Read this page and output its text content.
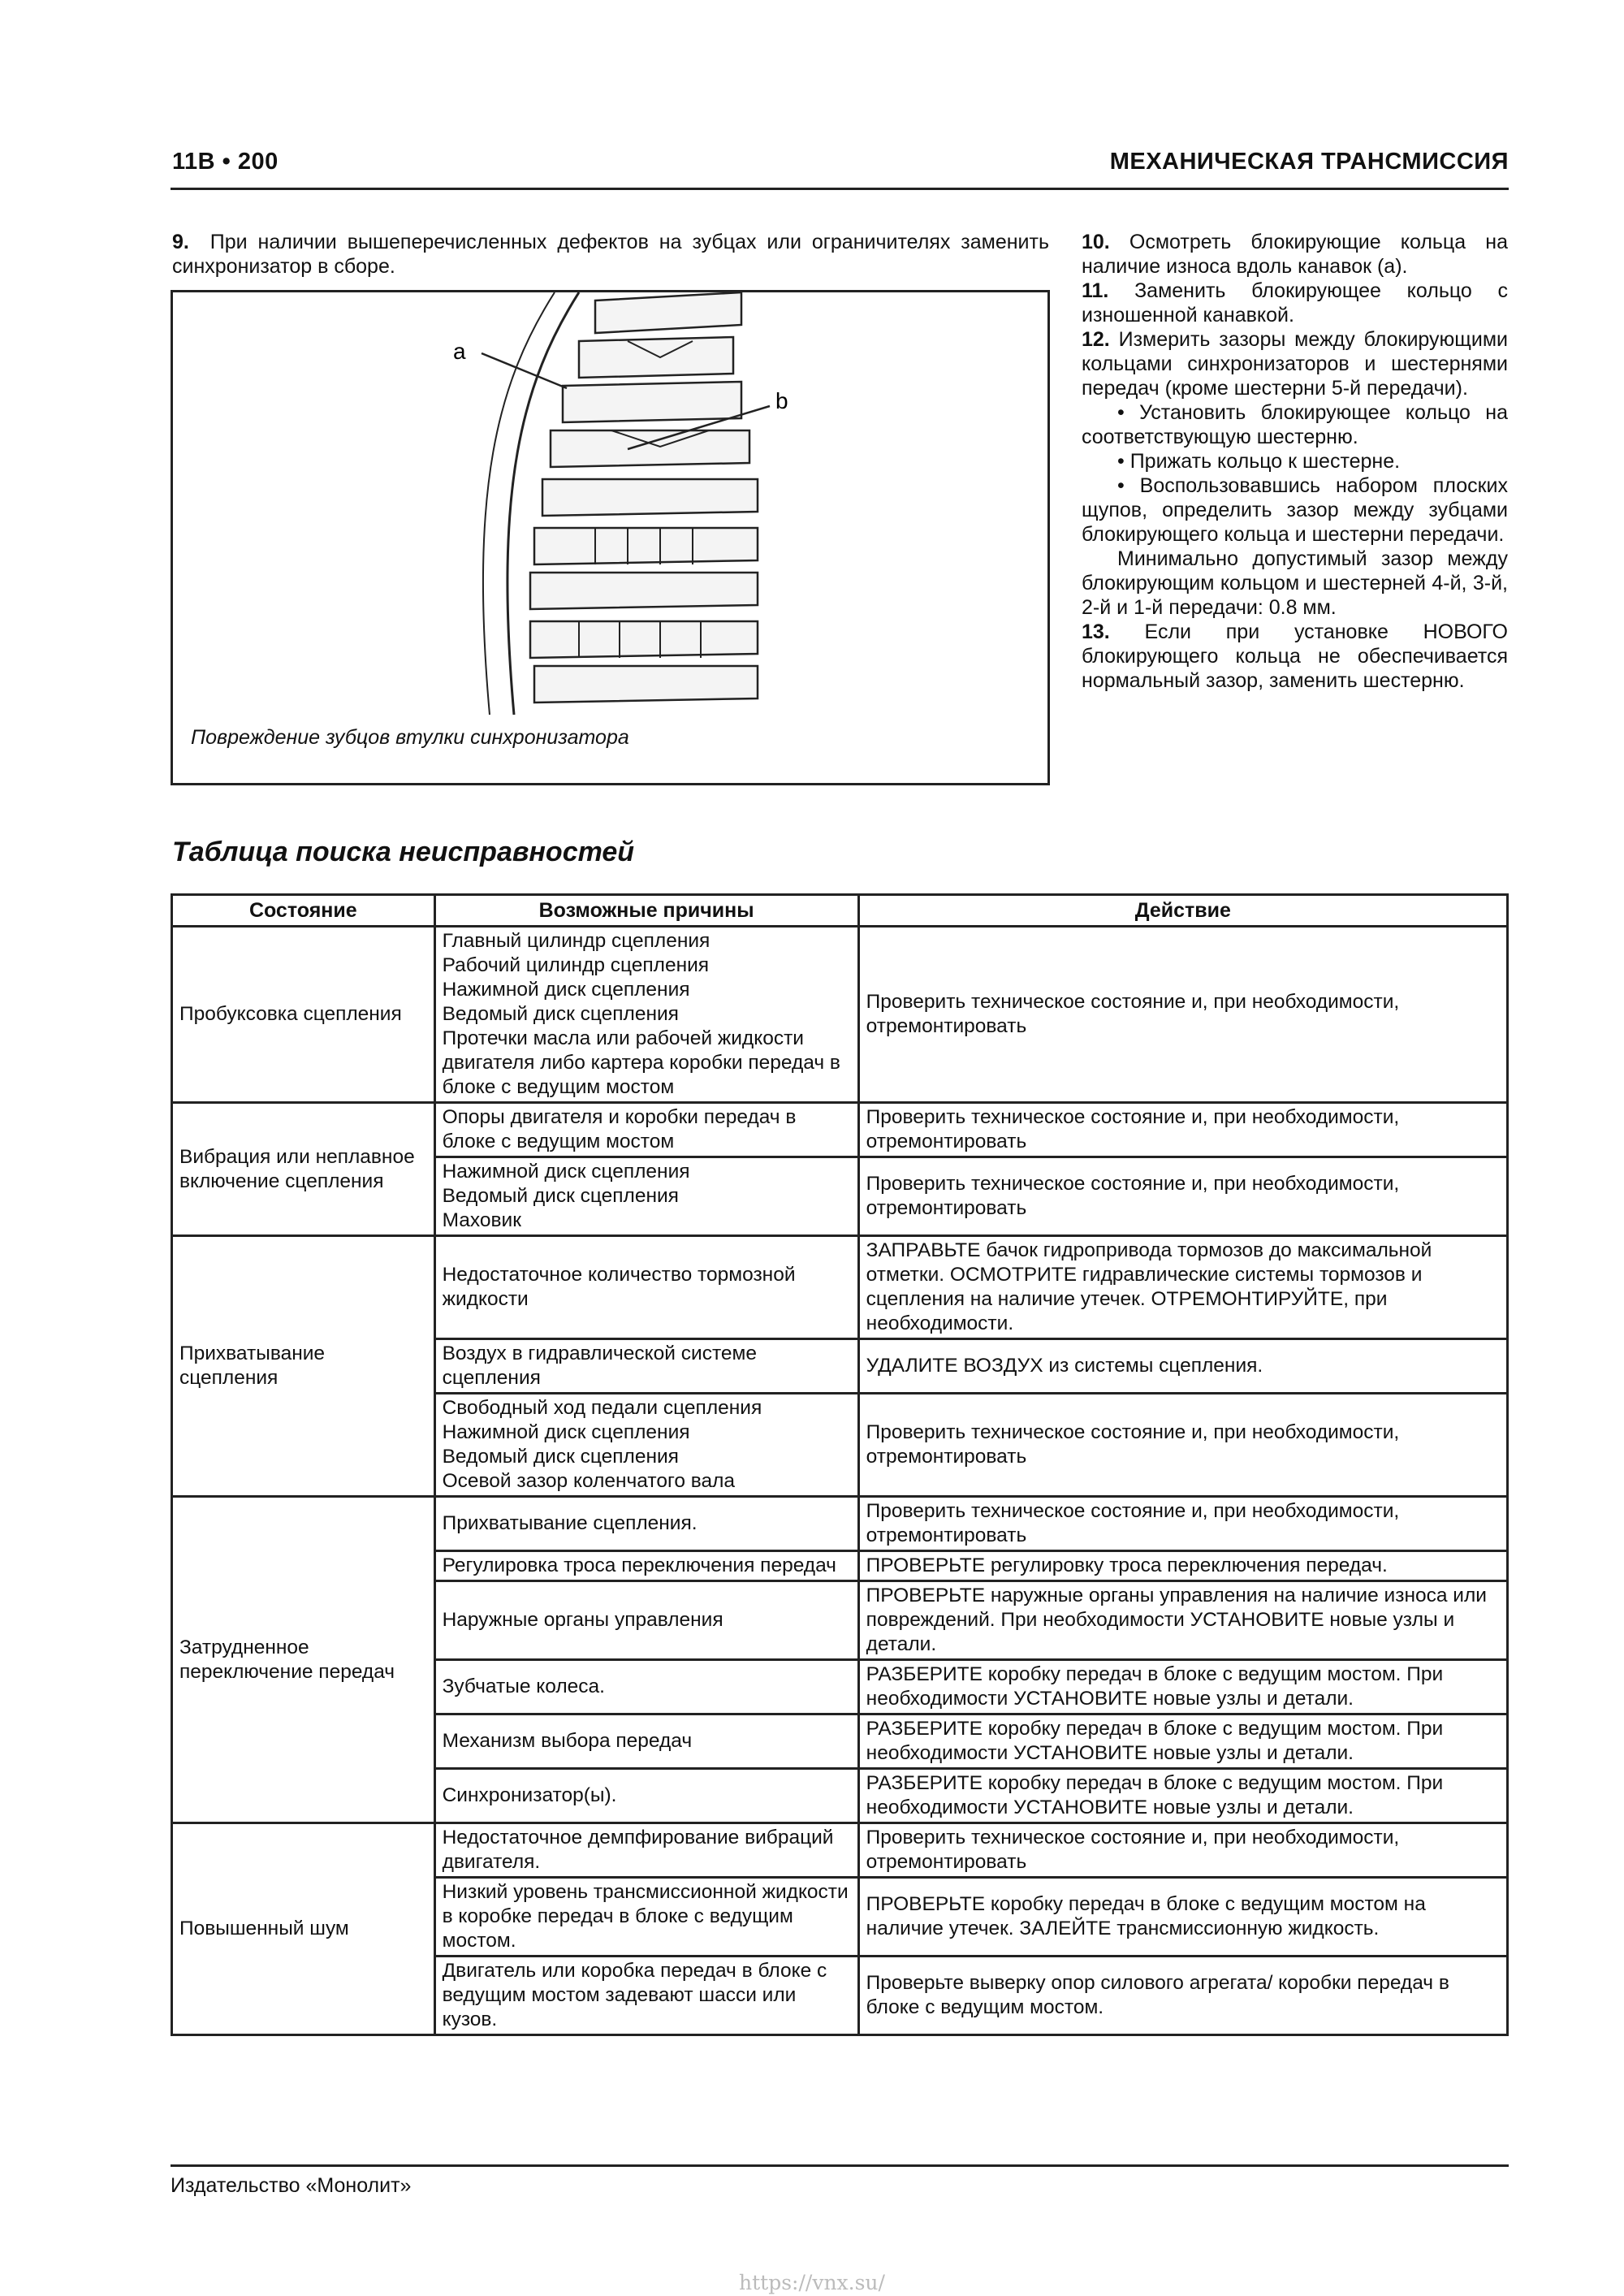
11В • 200	МЕХАНИЧЕСКАЯ ТРАНСМИССИЯ
9. При наличии вышеперечисленных дефектов на зубцах или ограничителях заменить синхронизатор в сборе.
a
b
Повреждение зубцов втулки синхронизатора

10. Осмотреть блокирующие кольца на наличие износа вдоль канавок (а).

11. Заменить блокирующее кольцо с изношенной канавкой.

12. Измерить зазоры между блокирующими кольцами синхронизаторов и шестернями передач (кроме шестерни 5-й передачи).

• Установить блокирующее кольцо на соответствующую шестерню.

• Прижать кольцо к шестерне.

• Воспользовавшись набором плоских щупов, определить зазор между зубцами блокирующего кольца и шестерни передачи.

Минимально допустимый зазор между блокирующим кольцом и шестерней 4-й, 3-й, 2-й и 1-й передачи: 0.8 мм.

13. Если при установке НОВОГО блокирующего кольца не обеспечивается нормальный зазор, заменить шестерню.

Таблица поиска неисправностей
Состояние	Возможные причины	Действие
Пробуксовка сцепления	Главный цилиндр сцепления
Рабочий цилиндр сцепления
Нажимной диск сцепления
Ведомый диск сцепления
Протечки масла или рабочей жидкости двигателя либо картера коробки передач в блоке с ведущим мостом	Проверить техническое состояние и, при необходимости, отремонтировать
Вибрация или неплавное включение сцепления	Опоры двигателя и коробки передач в блоке с ведущим мостом	Проверить техническое состояние и, при необходимости, отремонтировать

	Нажимной диск сцепления
Ведомый диск сцепления
Маховик	Проверить техническое состояние и, при необходимости, отремонтировать
Прихватывание сцепления	Недостаточное количество тормозной жидкости	ЗАПРАВЬТЕ бачок гидропривода тормозов до максимальной отметки. ОСМОТРИТЕ гидравлические системы тормозов и сцепления на наличие утечек. ОТРЕМОНТИРУЙТЕ, при необходимости.
	Воздух в гидравлической системе сцепления	УДАЛИТЕ ВОЗДУХ из системы сцепления.

	Свободный ход педали сцепления
Нажимной диск сцепления
Ведомый диск сцепления
Осевой зазор коленчатого вала	Проверить техническое состояние и, при необходимости, отремонтировать
Затрудненное переключение передач	Прихватывание сцепления.	Проверить техническое состояние и, при необходимости, отремонтировать
	Регулировка троса переключения передач	ПРОВЕРЬТЕ регулировку троса переключения передач.
	Наружные органы управления	ПРОВЕРЬТЕ наружные органы управления на наличие износа или повреждений. При необходимости УСТАНОВИТЕ новые узлы и детали.
	Зубчатые колеса.	РАЗБЕРИТЕ коробку передач в блоке с ведущим мостом. При необходимости УСТАНОВИТЕ новые узлы и детали.
	Механизм выбора передач	РАЗБЕРИТЕ коробку передач в блоке с ведущим мостом. При необходимости УСТАНОВИТЕ новые узлы и детали.
	Синхронизатор(ы).	РАЗБЕРИТЕ коробку передач в блоке с ведущим мостом. При необходимости УСТАНОВИТЕ новые узлы и детали.
Повышенный шум	Недостаточное демпфирование вибраций двигателя.	Проверить техническое состояние и, при необходимости, отремонтировать
	Низкий уровень трансмиссионной жидкости в коробке передач в блоке с ведущим мостом.	ПРОВЕРЬТЕ коробку передач в блоке с ведущим мостом на наличие утечек. ЗАЛЕЙТЕ трансмиссионную жидкость.
	Двигатель или коробка передач в блоке с ведущим мостом задевают шасси или кузов.	Проверьте выверку опор силового агрегата/ коробки передач в блоке с ведущим мостом.
Издательство «Монолит»
https://vnx.su/
